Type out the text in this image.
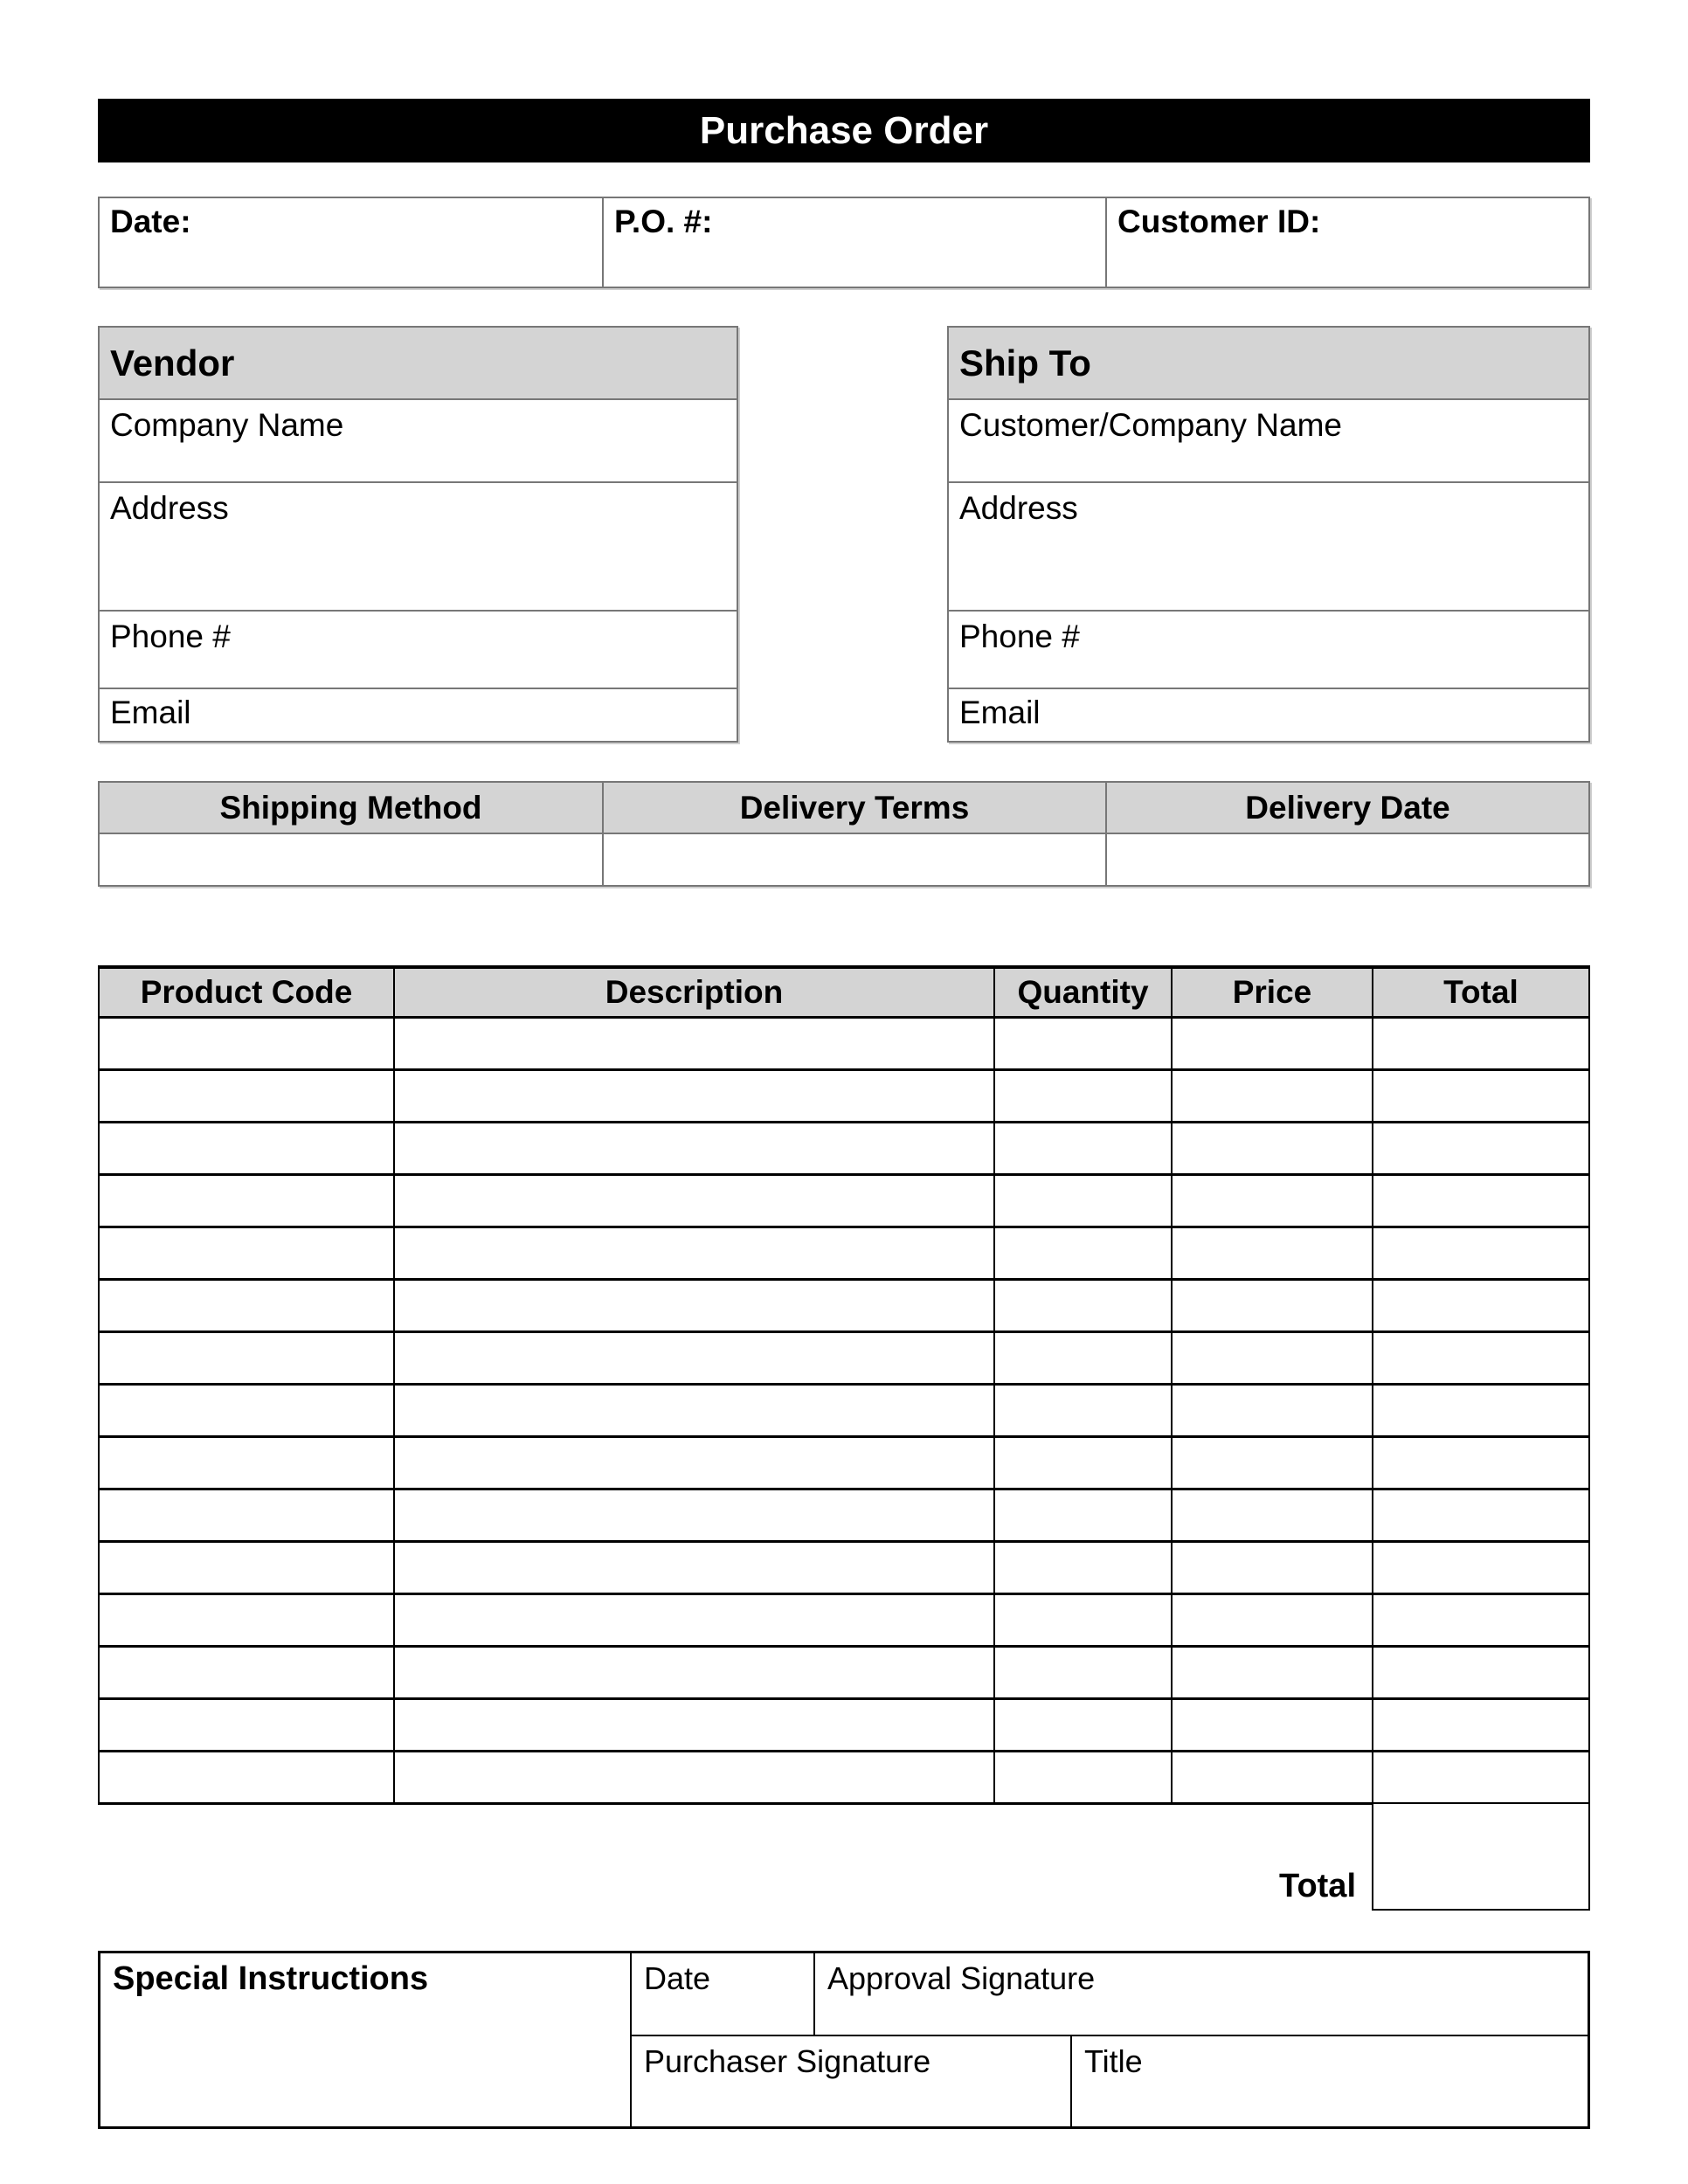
Purchase Order
Date:	P.O. #:	Customer ID:
Vendor
Company Name
Address
Phone #
Email
Ship To
Customer/Company Name
Address
Phone #
Email
Shipping Method	Delivery Terms	Delivery Date
Product Code	Description	Quantity	Price	Total
Total
Special Instructions	Date	Approval Signature
Purchaser Signature	Title
